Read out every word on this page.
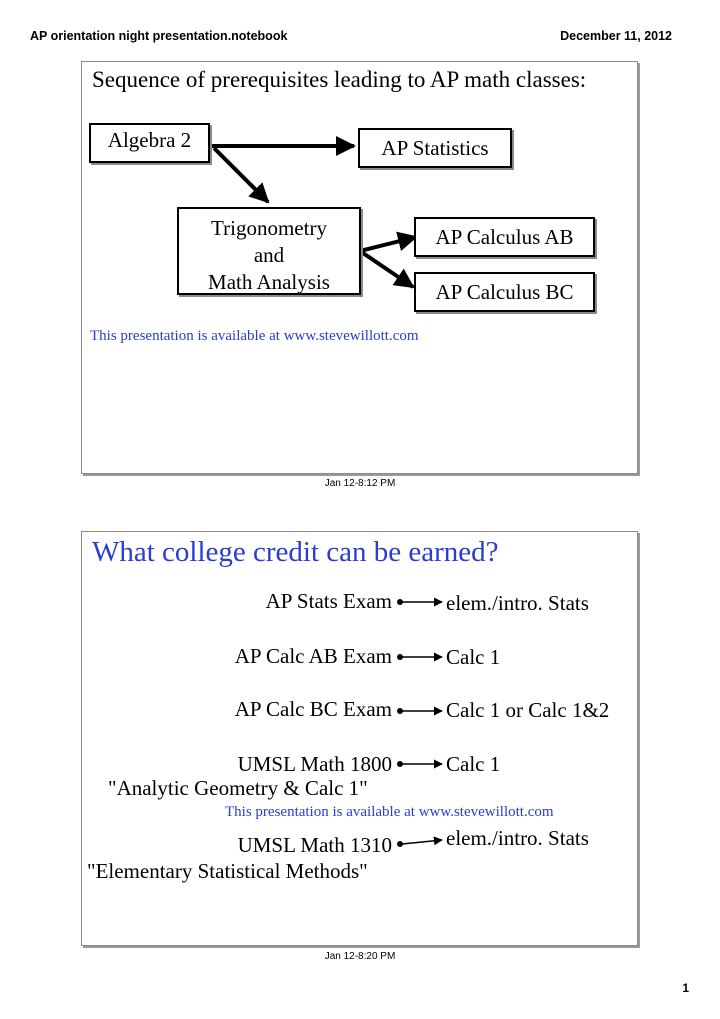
AP orientation night presentation.notebook	December 11, 2012
Sequence of prerequisites leading to AP math classes:
Algebra 2	AP Statistics
Trigonometry
and
Math Analysis
AP Calculus AB
AP Calculus BC
This presentation is available at www.stevewillott.com
Jan 12-8:12 PM
What college credit can be earned?
AP Stats Exam	elem./intro. Stats
AP Calc AB Exam	Calc 1
AP Calc BC Exam	Calc 1 or Calc 1&2
UMSL Math 1800	Calc 1
"Analytic Geometry & Calc 1"
This presentation is available at www.stevewillott.com
UMSL Math 1310	elem./intro. Stats
"Elementary Statistical Methods"
Jan 12-8:20 PM
1
